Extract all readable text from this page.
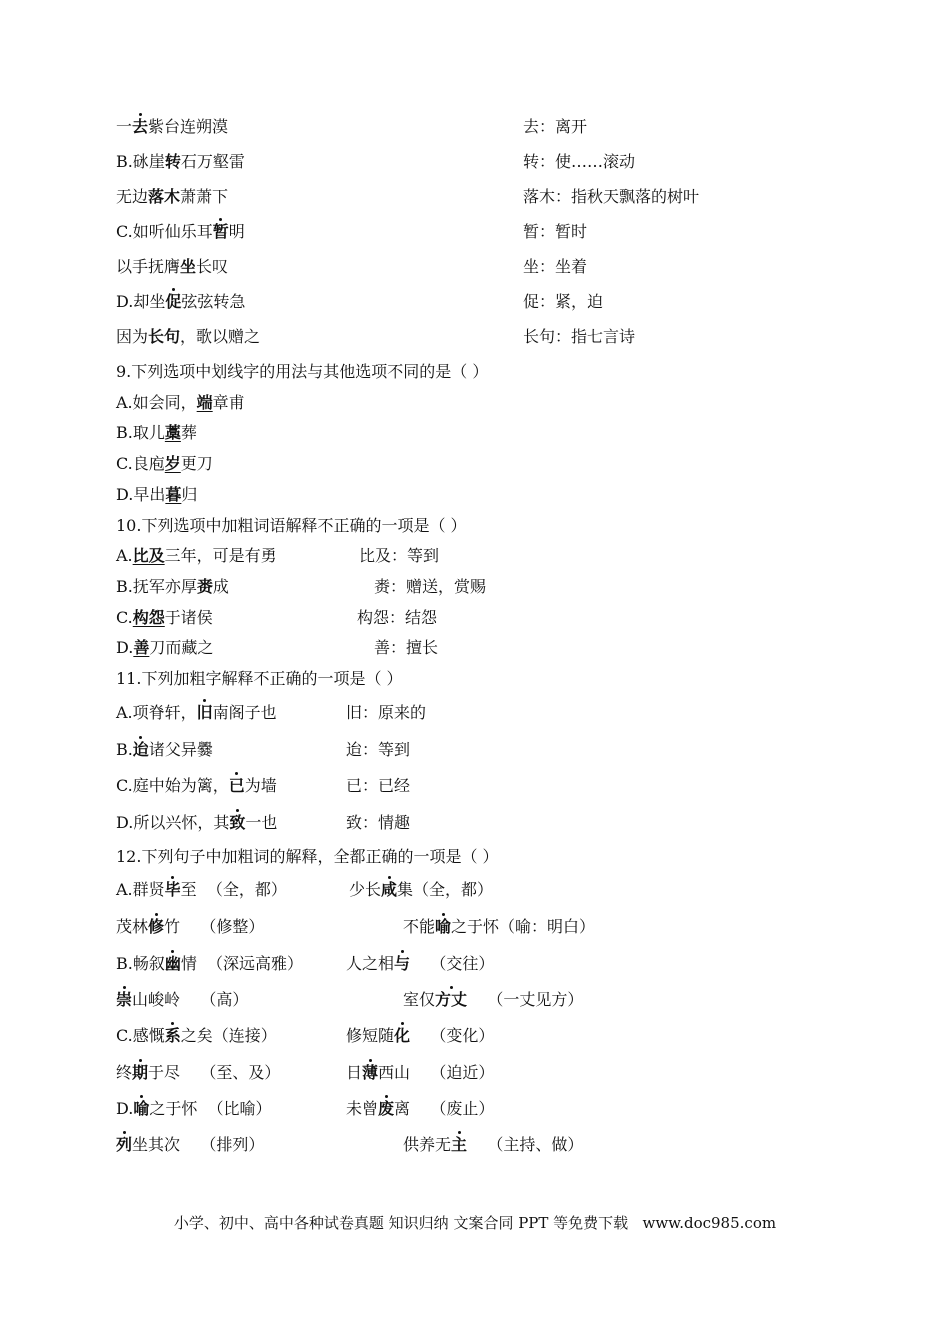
一去紫台连朔漠	去：离开
B.砯崖转石万壑雷	转：使……滚动
无边落木萧萧下	落木：指秋天飘落的树叶
C.如听仙乐耳暂明	暂：暂时
以手抚膺坐长叹	坐：坐着
D.却坐促弦弦转急	促：紧，迫
因为长句，歌以赠之	长句：指七言诗
9.下列选项中划线字的用法与其他选项不同的是（ ）
A.如会同，端章甫
B.取儿藁葬
C.良庖岁更刀
D.早出暮归
10.下列选项中加粗词语解释不正确的一项是（ ）
A.比及三年，可是有勇	比及：等到
B.抚军亦厚赉成	赉：赠送，赏赐
C.构怨于诸侯	构怨：结怨
D.善刀而藏之	善：擅长
11.下列加粗字解释不正确的一项是（ ）
A.项脊轩，旧南阁子也	旧：原来的
B.迨诸父异爨	迨：等到
C.庭中始为篱，已为墙	已：已经
D.所以兴怀，其致一也	致：情趣
12.下列句子中加粗词的解释，全都正确的一项是（ ）
A.群贤毕至  （全，都）	少长咸集（全，都）
茂林修竹    （修整）	不能喻之于怀（喻：明白）
B.畅叙幽情  （深远高雅）	人之相与    （交往）
崇山峻岭    （高）	室仅方丈    （一丈见方）
C.感慨系之矣（连接）	修短随化    （变化）
终期于尽    （至、及）	日薄西山    （迫近）
D.喻之于怀  （比喻）	未曾废离    （废止）
列坐其次    （排列）	供养无主    （主持、做）
小学、初中、高中各种试卷真题 知识归纳 文案合同 PPT 等免费下载   www.doc985.com
